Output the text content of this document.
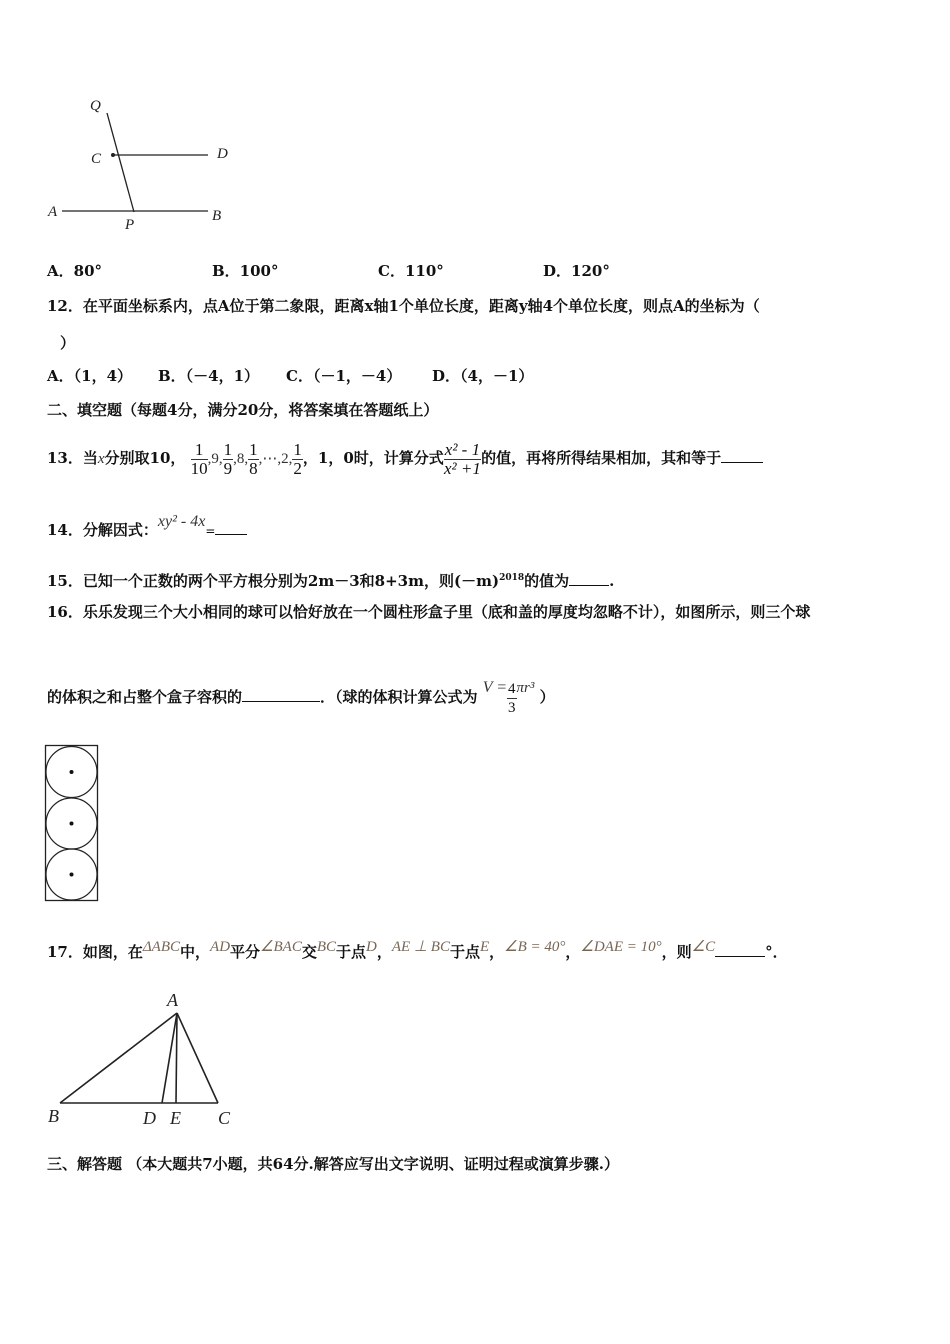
Q
C	D
A
P
B
A
B	D E C
A．80°	B．100°	C．110°	D．120°
12．在平面坐标系内，点A位于第二象限，距离x轴1个单位长度，距离y轴4个单位长度，则点A的坐标为（
）
A．（1，4） B．（－4，1） C．（－1，－4） D．（4，－1）
二、填空题（每题4分，满分20分，将答案填在答题纸上）
13．当x分别取10， $\frac{1}{10} ,9$, $\frac{1}{9} ,8$, $\frac{1}{8}$ ,⋯,2, $\frac{1}{2}$ ，1，0时，计算分式 $\frac{\text{x² - 1}}{\text{x² +1}}$ 的值，再将所得结果相加，其和等于
14．分解因式：xy² - 4x=
15．已知一个正数的两个平方根分别为2m－3和8+3m，则$(-m)^{2018}$的值为	.
16．乐乐发现三个大小相同的球可以恰好放在一个圆柱形盒子里（底和盖的厚度均忽略不计），如图所示，则三个球
的体积之和占整个盒子容积的	．（球的体积计算公式为 $V = \frac{4}{3} \pi r^3$ ）
17．如图，在ΔABC中，AD平分∠BAC交BC于点D，AE ⊥ BC于点E，∠B = 40°，∠DAE = 10°，则∠C	°．
三、解答题 （本大题共7小题，共64分.解答应写出文字说明、证明过程或演算步骤.）
